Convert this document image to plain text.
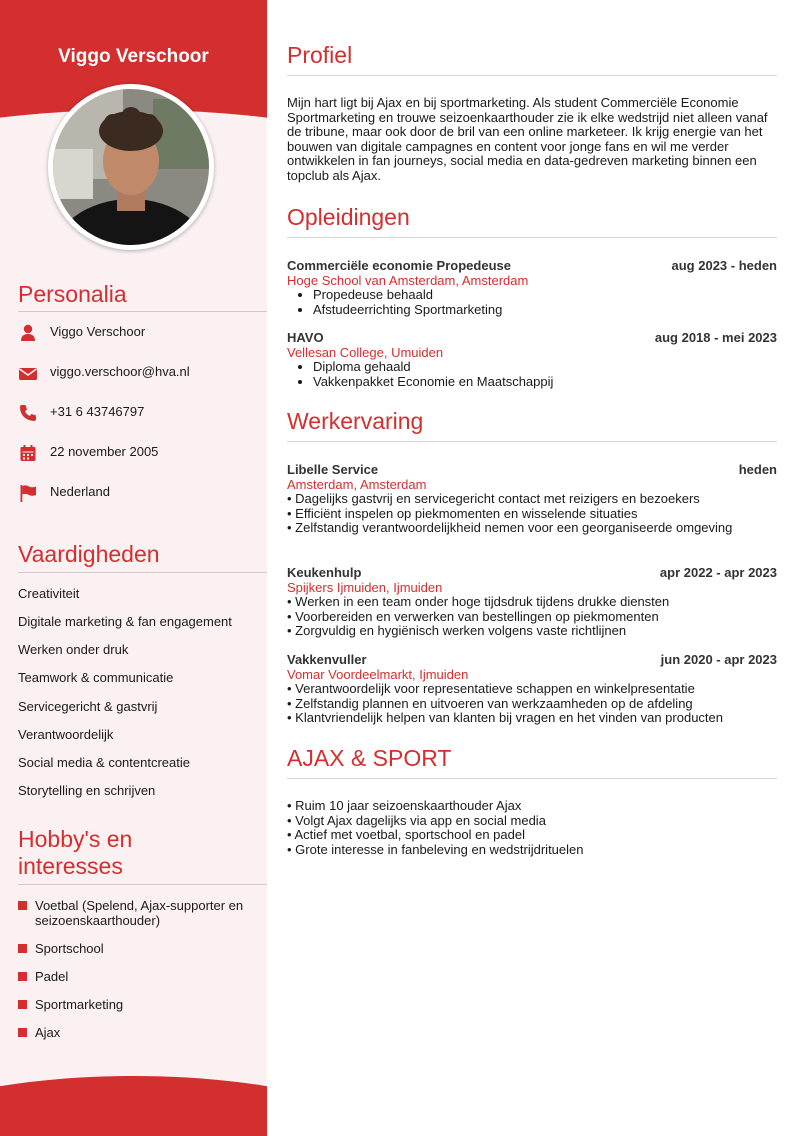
Viggo Verschoor
Personalia
Viggo Verschoor
viggo.verschoor@hva.nl
+31 6 43746797
22 november 2005
Nederland
Vaardigheden
Creativiteit
Digitale marketing & fan engagement
Werken onder druk
Teamwork & communicatie
Servicegericht & gastvrij
Verantwoordelijk
Social media & contentcreatie
Storytelling en schrijven
Hobby's en
interesses
Voetbal (Spelend, Ajax-supporter en seizoenskaarthouder)
Sportschool
Padel
Sportmarketing
Ajax
Profiel

Mijn hart ligt bij Ajax en bij sportmarketing. Als student Commerciële Economie Sportmarketing en trouwe seizoenkaarthouder zie ik elke wedstrijd niet alleen vanaf de tribune, maar ook door de bril van een online marketeer. Ik krijg energie van het bouwen van digitale campagnes en content voor jonge fans en wil me verder ontwikkelen in fan journeys, social media en data-gedreven marketing binnen een topclub als Ajax.

Opleidingen
Commerciële economie Propedeuse	aug 2023 - heden
Hoge School van Amsterdam, Amsterdam
• Propedeuse behaald
• Afstudeerrichting Sportmarketing
HAVO	aug 2018 - mei 2023
Vellesan College, Umuiden
• Diploma gehaald
• Vakkenpakket Economie en Maatschappij
Werkervaring
Libelle Service	heden
Amsterdam, Amsterdam
• Dagelijks gastvrij en servicegericht contact met reizigers en bezoekers
• Efficiënt inspelen op piekmomenten en wisselende situaties
• Zelfstandig verantwoordelijkheid nemen voor een georganiseerde omgeving
Keukenhulp	apr 2022 - apr 2023
Spijkers Ijmuiden, Ijmuiden
• Werken in een team onder hoge tijdsdruk tijdens drukke diensten
• Voorbereiden en verwerken van bestellingen op piekmomenten
• Zorgvuldig en hygiënisch werken volgens vaste richtlijnen
Vakkenvuller	jun 2020 - apr 2023
Vomar Voordeelmarkt, Ijmuiden
• Verantwoordelijk voor representatieve schappen en winkelpresentatie
• Zelfstandig plannen en uitvoeren van werkzaamheden op de afdeling
• Klantvriendelijk helpen van klanten bij vragen en het vinden van producten
AJAX & SPORT
• Ruim 10 jaar seizoenskaarthouder Ajax
• Volgt Ajax dagelijks via app en social media
• Actief met voetbal, sportschool en padel
• Grote interesse in fanbeleving en wedstrijdrituelen
